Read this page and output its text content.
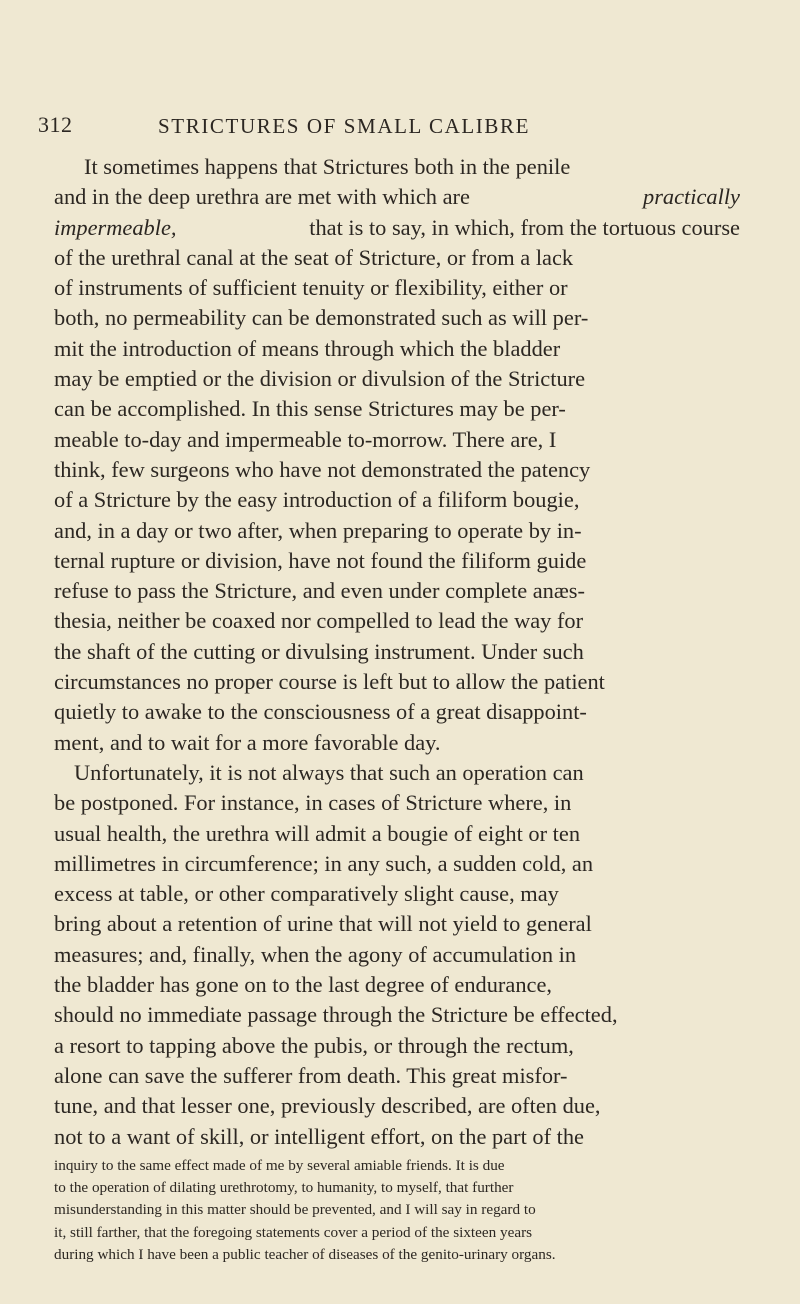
312	STRICTURES OF SMALL CALIBRE
It sometimes happens that Strictures both in the penile
and in the deep urethra are met with which are	practically
impermeable,	that is to say, in which, from the tortuous course
of the urethral canal at the seat of Stricture, or from a lack
of instruments of sufficient tenuity or flexibility, either or
both, no permeability can be demonstrated such as will per-
mit the introduction of means through which the bladder
may be emptied or the division or divulsion of the Stricture
can be accomplished. In this sense Strictures may be per-
meable to-day and impermeable to-morrow. There are, I
think, few surgeons who have not demonstrated the patency
of a Stricture by the easy introduction of a filiform bougie,
and, in a day or two after, when preparing to operate by in-
ternal rupture or division, have not found the filiform guide
refuse to pass the Stricture, and even under complete anæs-
thesia, neither be coaxed nor compelled to lead the way for
the shaft of the cutting or divulsing instrument. Under such
circumstances no proper course is left but to allow the patient
quietly to awake to the consciousness of a great disappoint-
ment, and to wait for a more favorable day.
Unfortunately, it is not always that such an operation can
be postponed. For instance, in cases of Stricture where, in
usual health, the urethra will admit a bougie of eight or ten
millimetres in circumference; in any such, a sudden cold, an
excess at table, or other comparatively slight cause, may
bring about a retention of urine that will not yield to general
measures; and, finally, when the agony of accumulation in
the bladder has gone on to the last degree of endurance,
should no immediate passage through the Stricture be effected,
a resort to tapping above the pubis, or through the rectum,
alone can save the sufferer from death. This great misfor-
tune, and that lesser one, previously described, are often due,
not to a want of skill, or intelligent effort, on the part of the
inquiry to the same effect made of me by several amiable friends. It is due
to the operation of dilating urethrotomy, to humanity, to myself, that further
misunderstanding in this matter should be prevented, and I will say in regard to
it, still farther, that the foregoing statements cover a period of the sixteen years
during which I have been a public teacher of diseases of the genito-urinary organs.
